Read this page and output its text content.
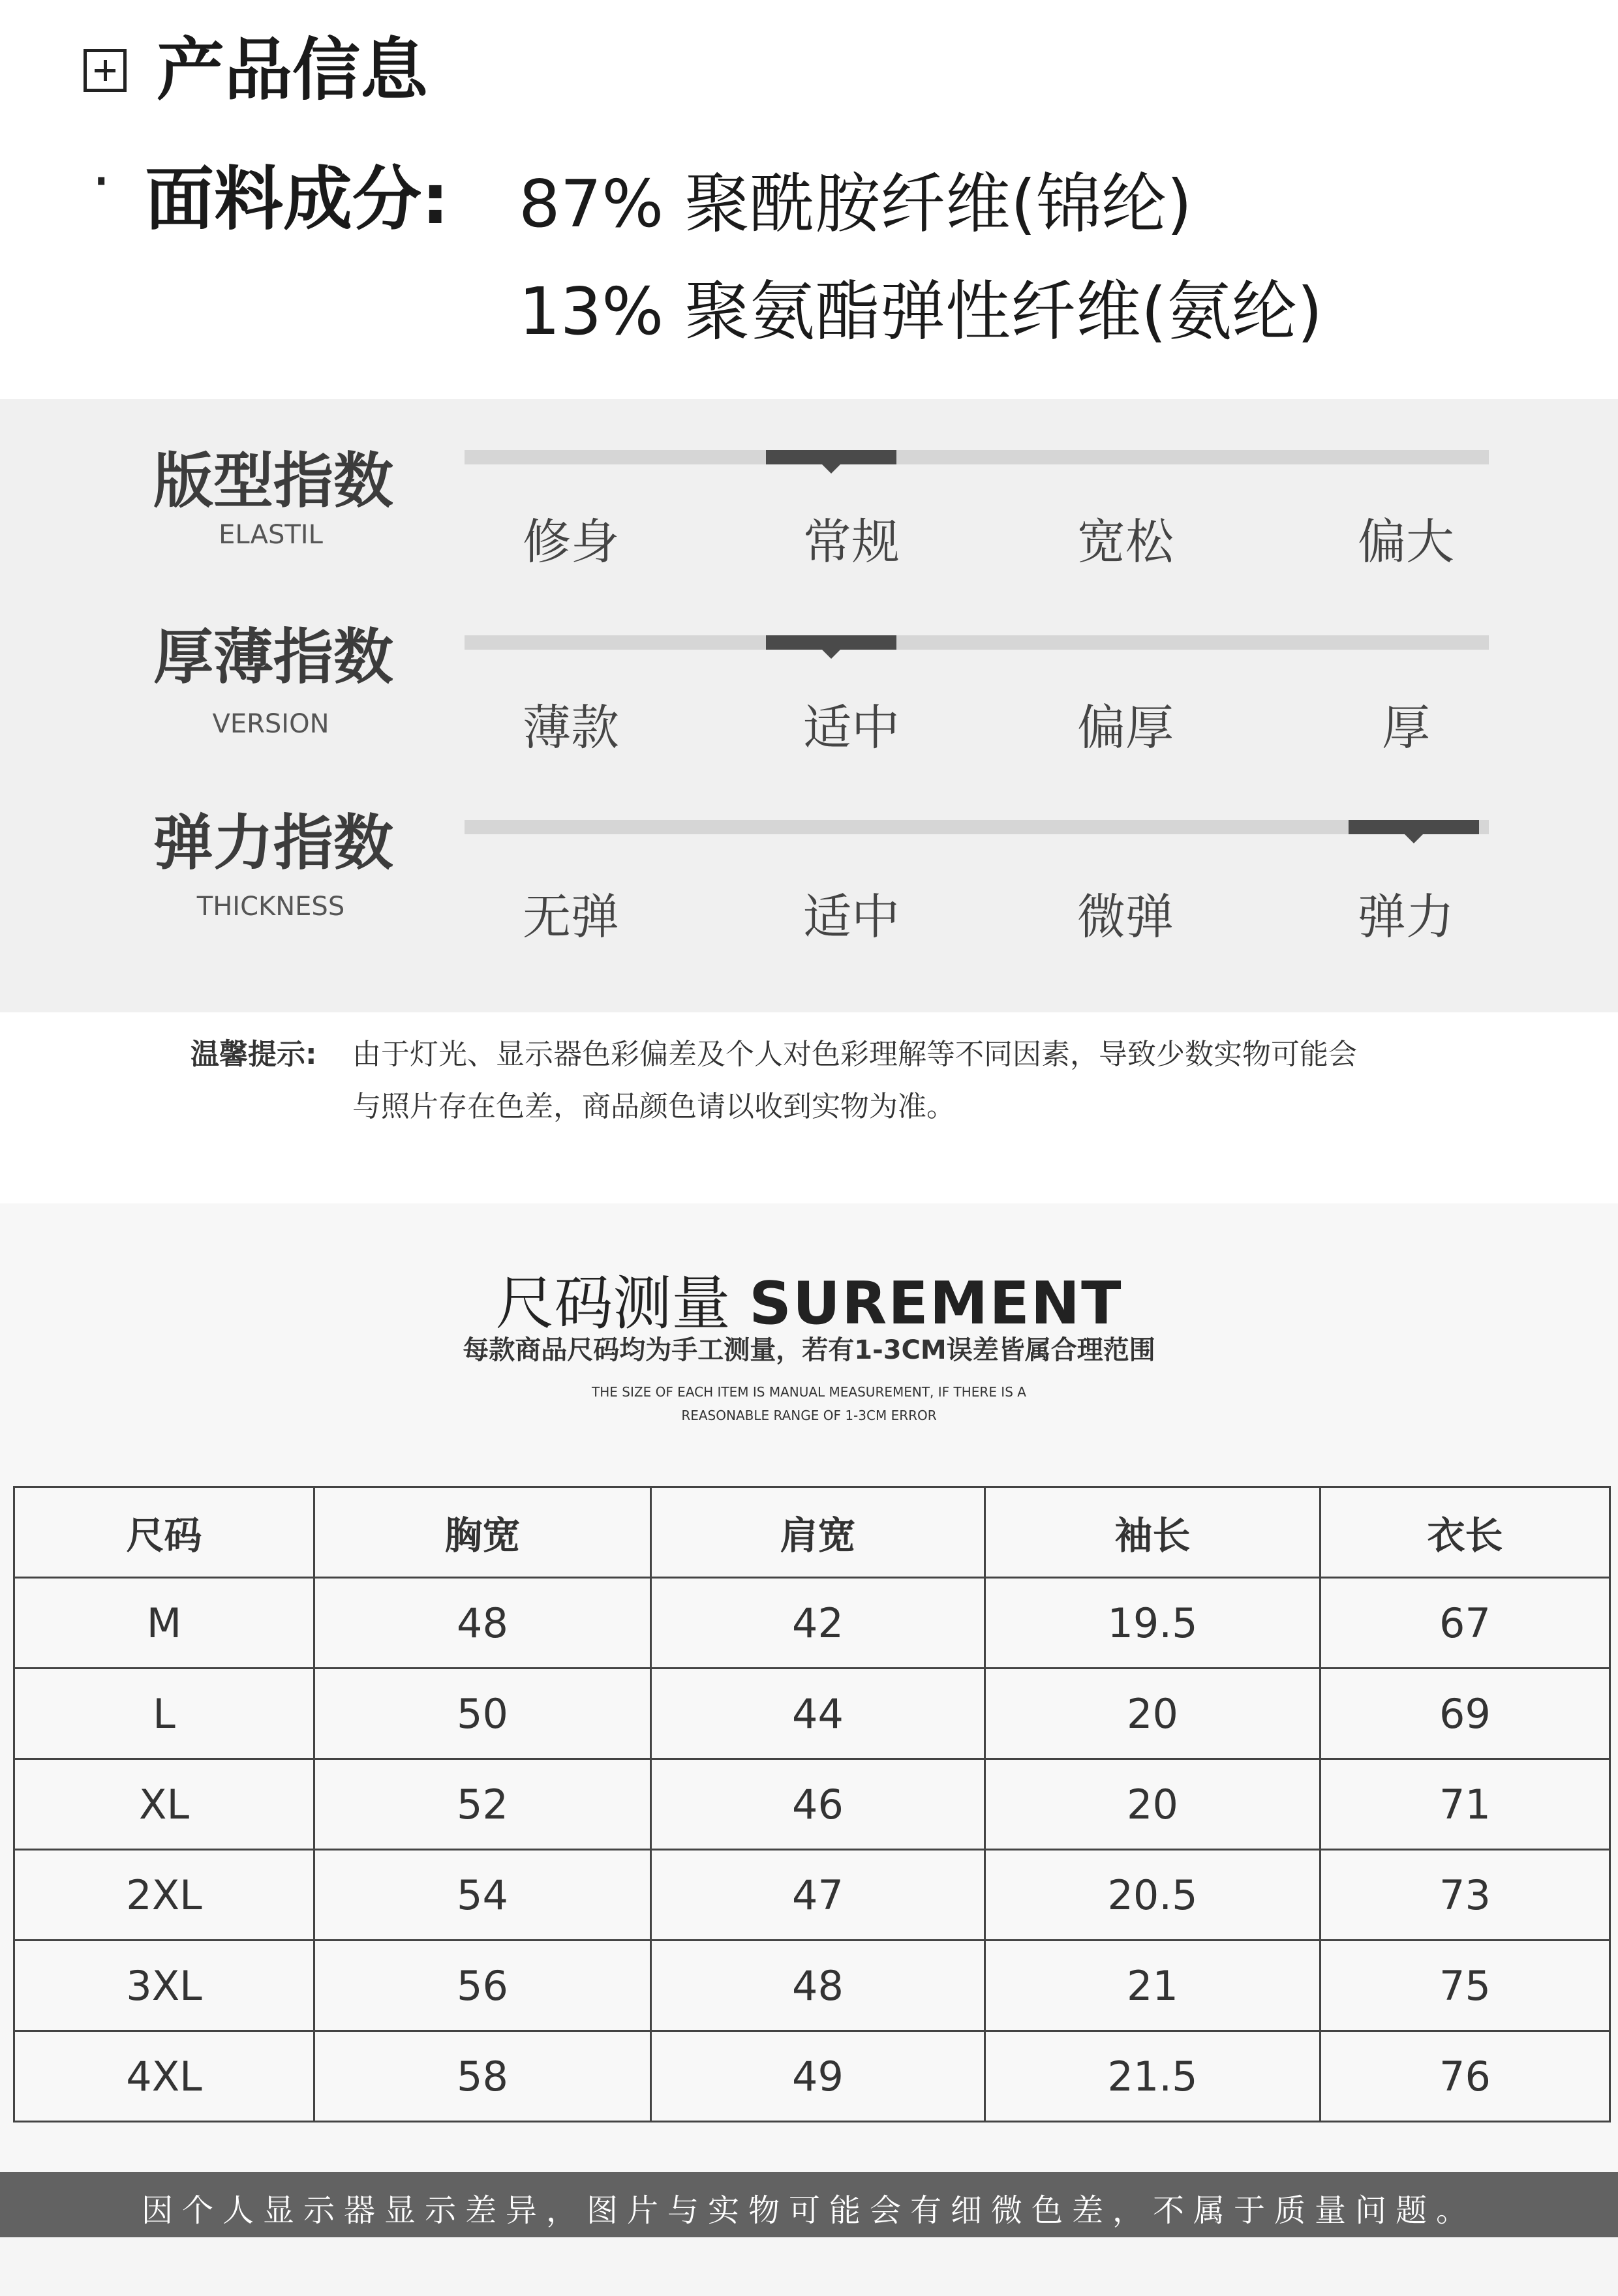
产品信息
· 面料成分: 87% 聚酰胺纤维(锦纶)
13% 聚氨酯弹性纤维(氨纶)
版型指数
ELASTIL	修身	常规	宽松	偏大
厚薄指数
VERSION	薄款	适中	偏厚	厚
弹力指数
THICKNESS	无弹	适中	微弹	弹力
温馨提示: 由于灯光、显示器色彩偏差及个人对色彩理解等不同因素，导致少数实物可能会
与照片存在色差，商品颜色请以收到实物为准。
尺码测量 SUREMENT
每款商品尺码均为手工测量，若有1-3CM误差皆属合理范围
THE SIZE OF EACH ITEM IS MANUAL MEASUREMENT, IF THERE IS A
REASONABLE RANGE OF 1-3CM ERROR
尺码	胸宽	肩宽	袖长	衣长
M	48	42	19.5	67
L	50	44	20	69
XL	52	46	20	71
2XL	54	47	20.5	73
3XL	56	48	21	75
4XL	58	49	21.5	76
因个人显示器显示差异，图片与实物可能会有细微色差，不属于质量问题。
